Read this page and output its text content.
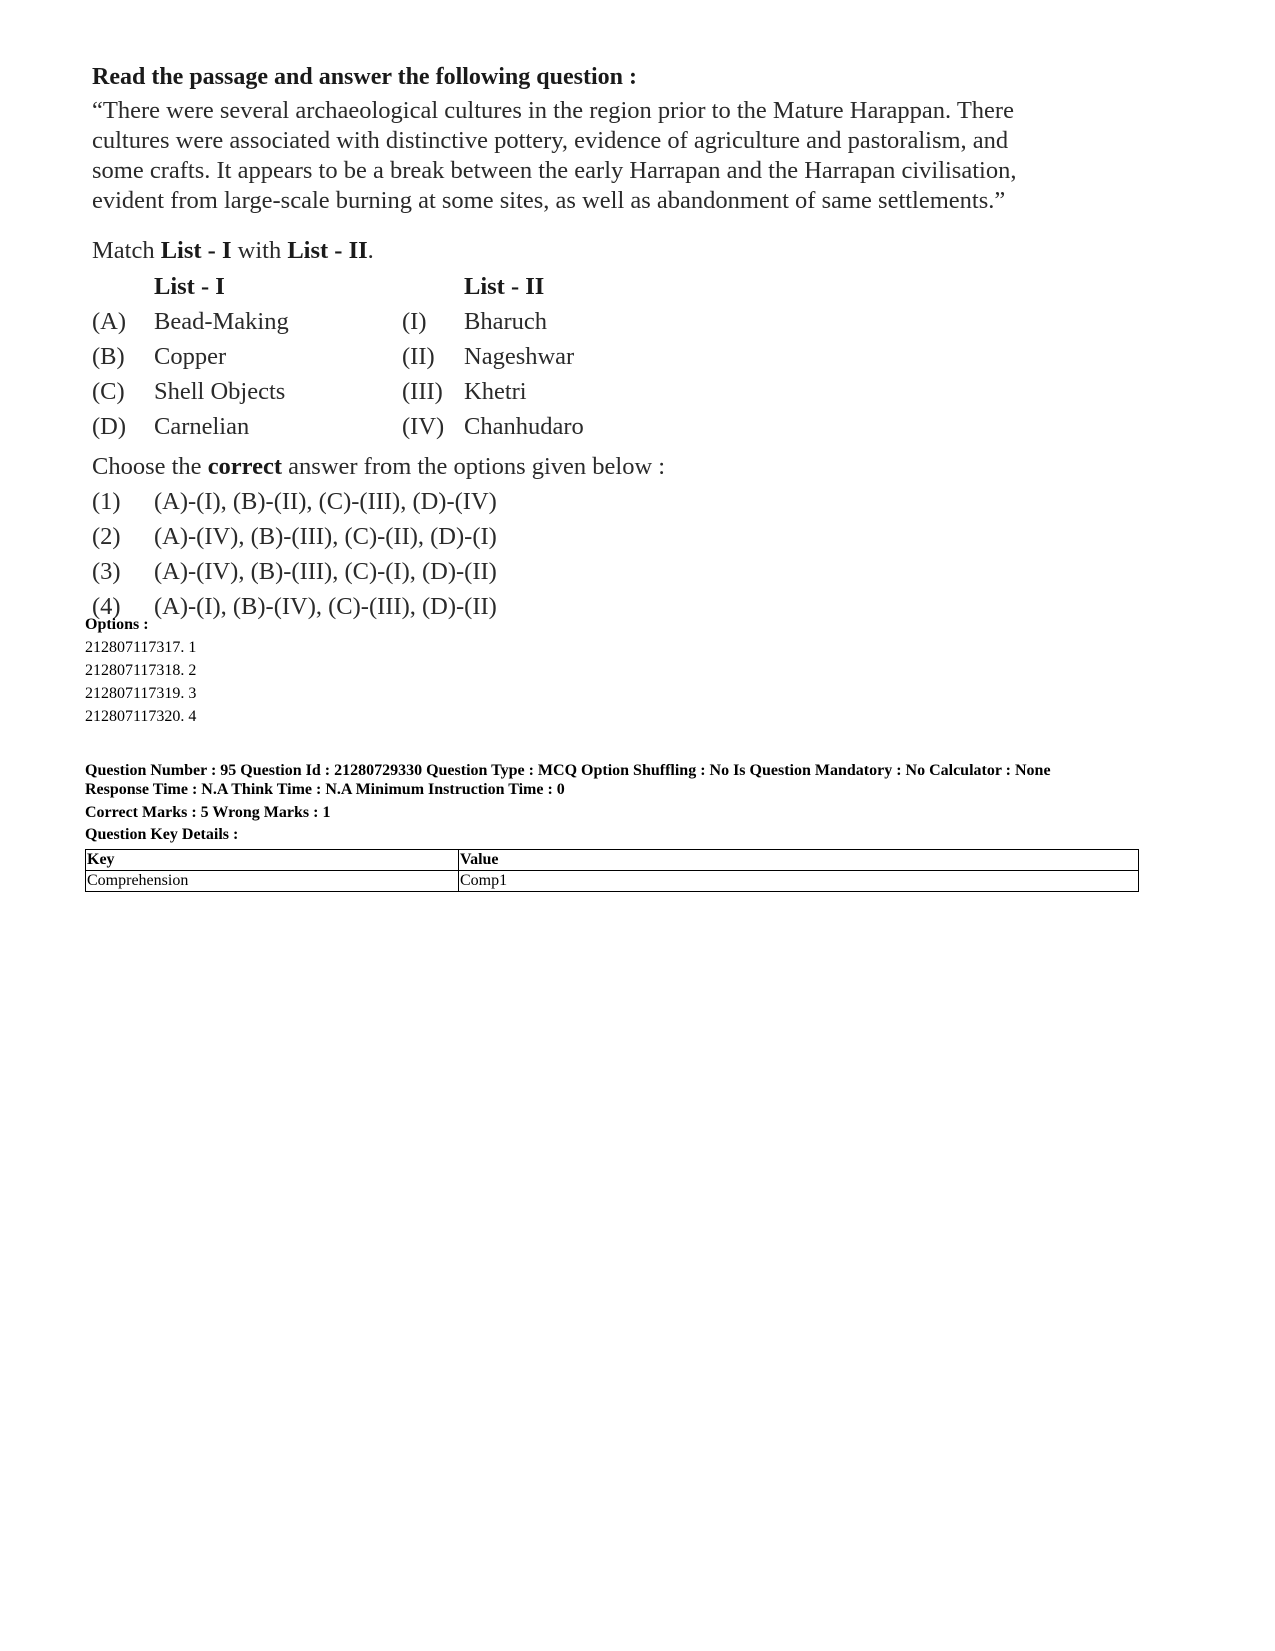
Read the passage and answer the following question :

“There were several archaeological cultures in the region prior to the Mature Harappan. There
cultures were associated with distinctive pottery, evidence of agriculture and pastoralism, and
some crafts. It appears to be a break between the early Harrapan and the Harrapan civilisation,
evident from large-scale burning at some sites, as well as abandonment of same settlements.”

Match List - I with List - II.
List - I	List - II
(A) Bead-Making	(I) Bharuch
(B) Copper	(II) Nageshwar
(C) Shell Objects	(III) Khetri
(D) Carnelian	(IV) Chanhudaro
Choose the correct answer from the options given below :
(1) (A)-(I), (B)-(II), (C)-(III), (D)-(IV)
(2) (A)-(IV), (B)-(III), (C)-(II), (D)-(I)
(3) (A)-(IV), (B)-(III), (C)-(I), (D)-(II)
(4) (A)-(I), (B)-(IV), (C)-(III), (D)-(II)
Options :
212807117317. 1
212807117318. 2
212807117319. 3
212807117320. 4
Question Number : 95 Question Id : 21280729330 Question Type : MCQ Option Shuffling : No Is Question Mandatory : No Calculator : None
Response Time : N.A Think Time : N.A Minimum Instruction Time : 0
Correct Marks : 5 Wrong Marks : 1
Question Key Details :
Key	Value
Comprehension	Comp1
